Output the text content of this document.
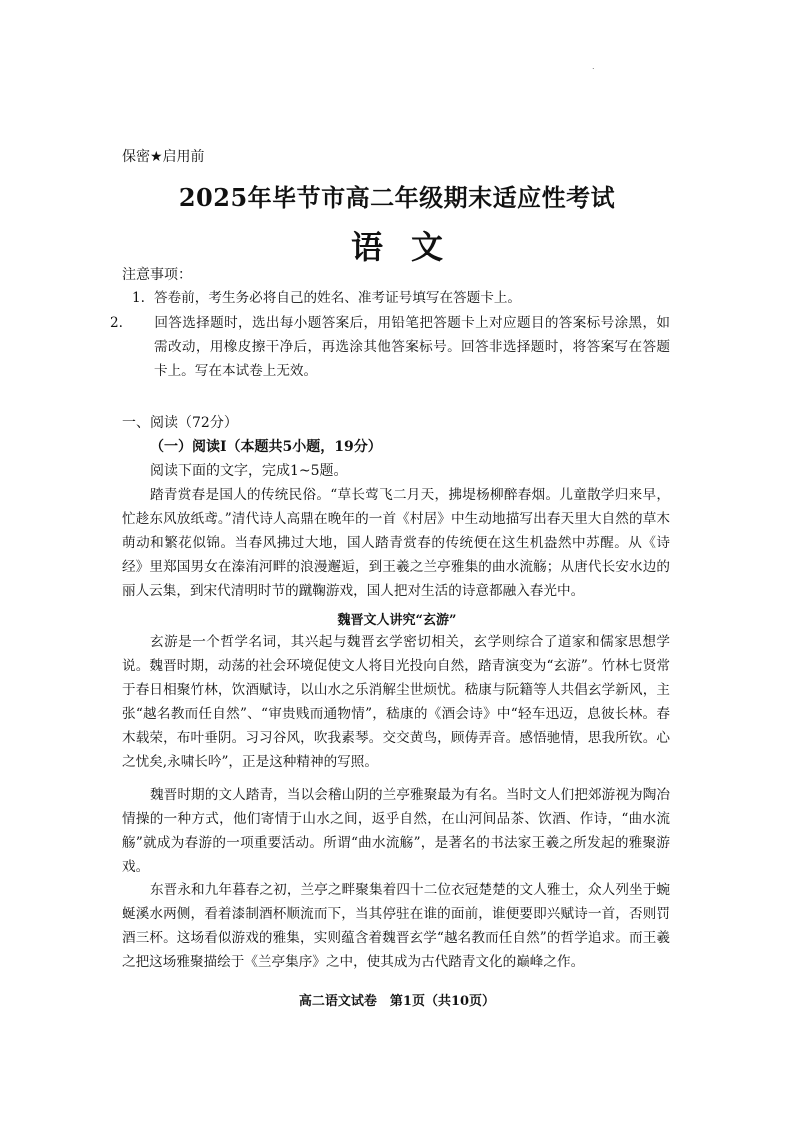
.
保密★启用前
2025年毕节市高二年级期末适应性考试
语文
注意事项：
1. 答卷前，考生务必将自己的姓名、准考证号填写在答题卡上。
2. 回答选择题时，选出每小题答案后，用铅笔把答题卡上对应题目的答案标号涂黑，如需改动，用橡皮擦干净后，再选涂其他答案标号。回答非选择题时，将答案写在答题卡上。写在本试卷上无效。
一、阅读（72分）
（一）阅读Ⅰ（本题共5小题，19分）
阅读下面的文字，完成1~5题。
踏青赏春是国人的传统民俗。“草长莺飞二月天，拂堤杨柳醉春烟。儿童散学归来早，忙趁东风放纸鸢。”清代诗人高鼎在晚年的一首《村居》中生动地描写出春天里大自然的草木萌动和繁花似锦。当春风拂过大地，国人踏青赏春的传统便在这生机盎然中苏醒。从《诗经》里郑国男女在溱洧河畔的浪漫邂逅，到王羲之兰亭雅集的曲水流觞；从唐代长安水边的丽人云集，到宋代清明时节的蹴鞠游戏，国人把对生活的诗意都融入春光中。
魏晋文人讲究“玄游”
玄游是一个哲学名词，其兴起与魏晋玄学密切相关，玄学则综合了道家和儒家思想学说。魏晋时期，动荡的社会环境促使文人将目光投向自然，踏青演变为“玄游”。竹林七贤常于春日相聚竹林，饮酒赋诗，以山水之乐消解尘世烦忧。嵇康与阮籍等人共倡玄学新风，主张“越名教而任自然”、“审贵贱而通物情”，嵇康的《酒会诗》中“轻车迅迈，息彼长林。春木载荣，布叶垂阴。习习谷风，吹我素琴。交交黄鸟，顾俦弄音。感悟驰情，思我所钦。心之忧矣,永啸长吟”，正是这种精神的写照。
魏晋时期的文人踏青，当以会稽山阴的兰亭雅聚最为有名。当时文人们把郊游视为陶冶情操的一种方式，他们寄情于山水之间，返乎自然，在山河间品茶、饮酒、作诗，“曲水流觞”就成为春游的一项重要活动。所谓“曲水流觞”，是著名的书法家王羲之所发起的雅聚游戏。
东晋永和九年暮春之初，兰亭之畔聚集着四十二位衣冠楚楚的文人雅士，众人列坐于蜿蜒溪水两侧，看着漆制酒杯顺流而下，当其停驻在谁的面前，谁便要即兴赋诗一首，否则罚酒三杯。这场看似游戏的雅集，实则蕴含着魏晋玄学“越名教而任自然”的哲学追求。而王羲之把这场雅聚描绘于《兰亭集序》之中，使其成为古代踏青文化的巅峰之作。
高二语文试卷　第1页（共10页）
